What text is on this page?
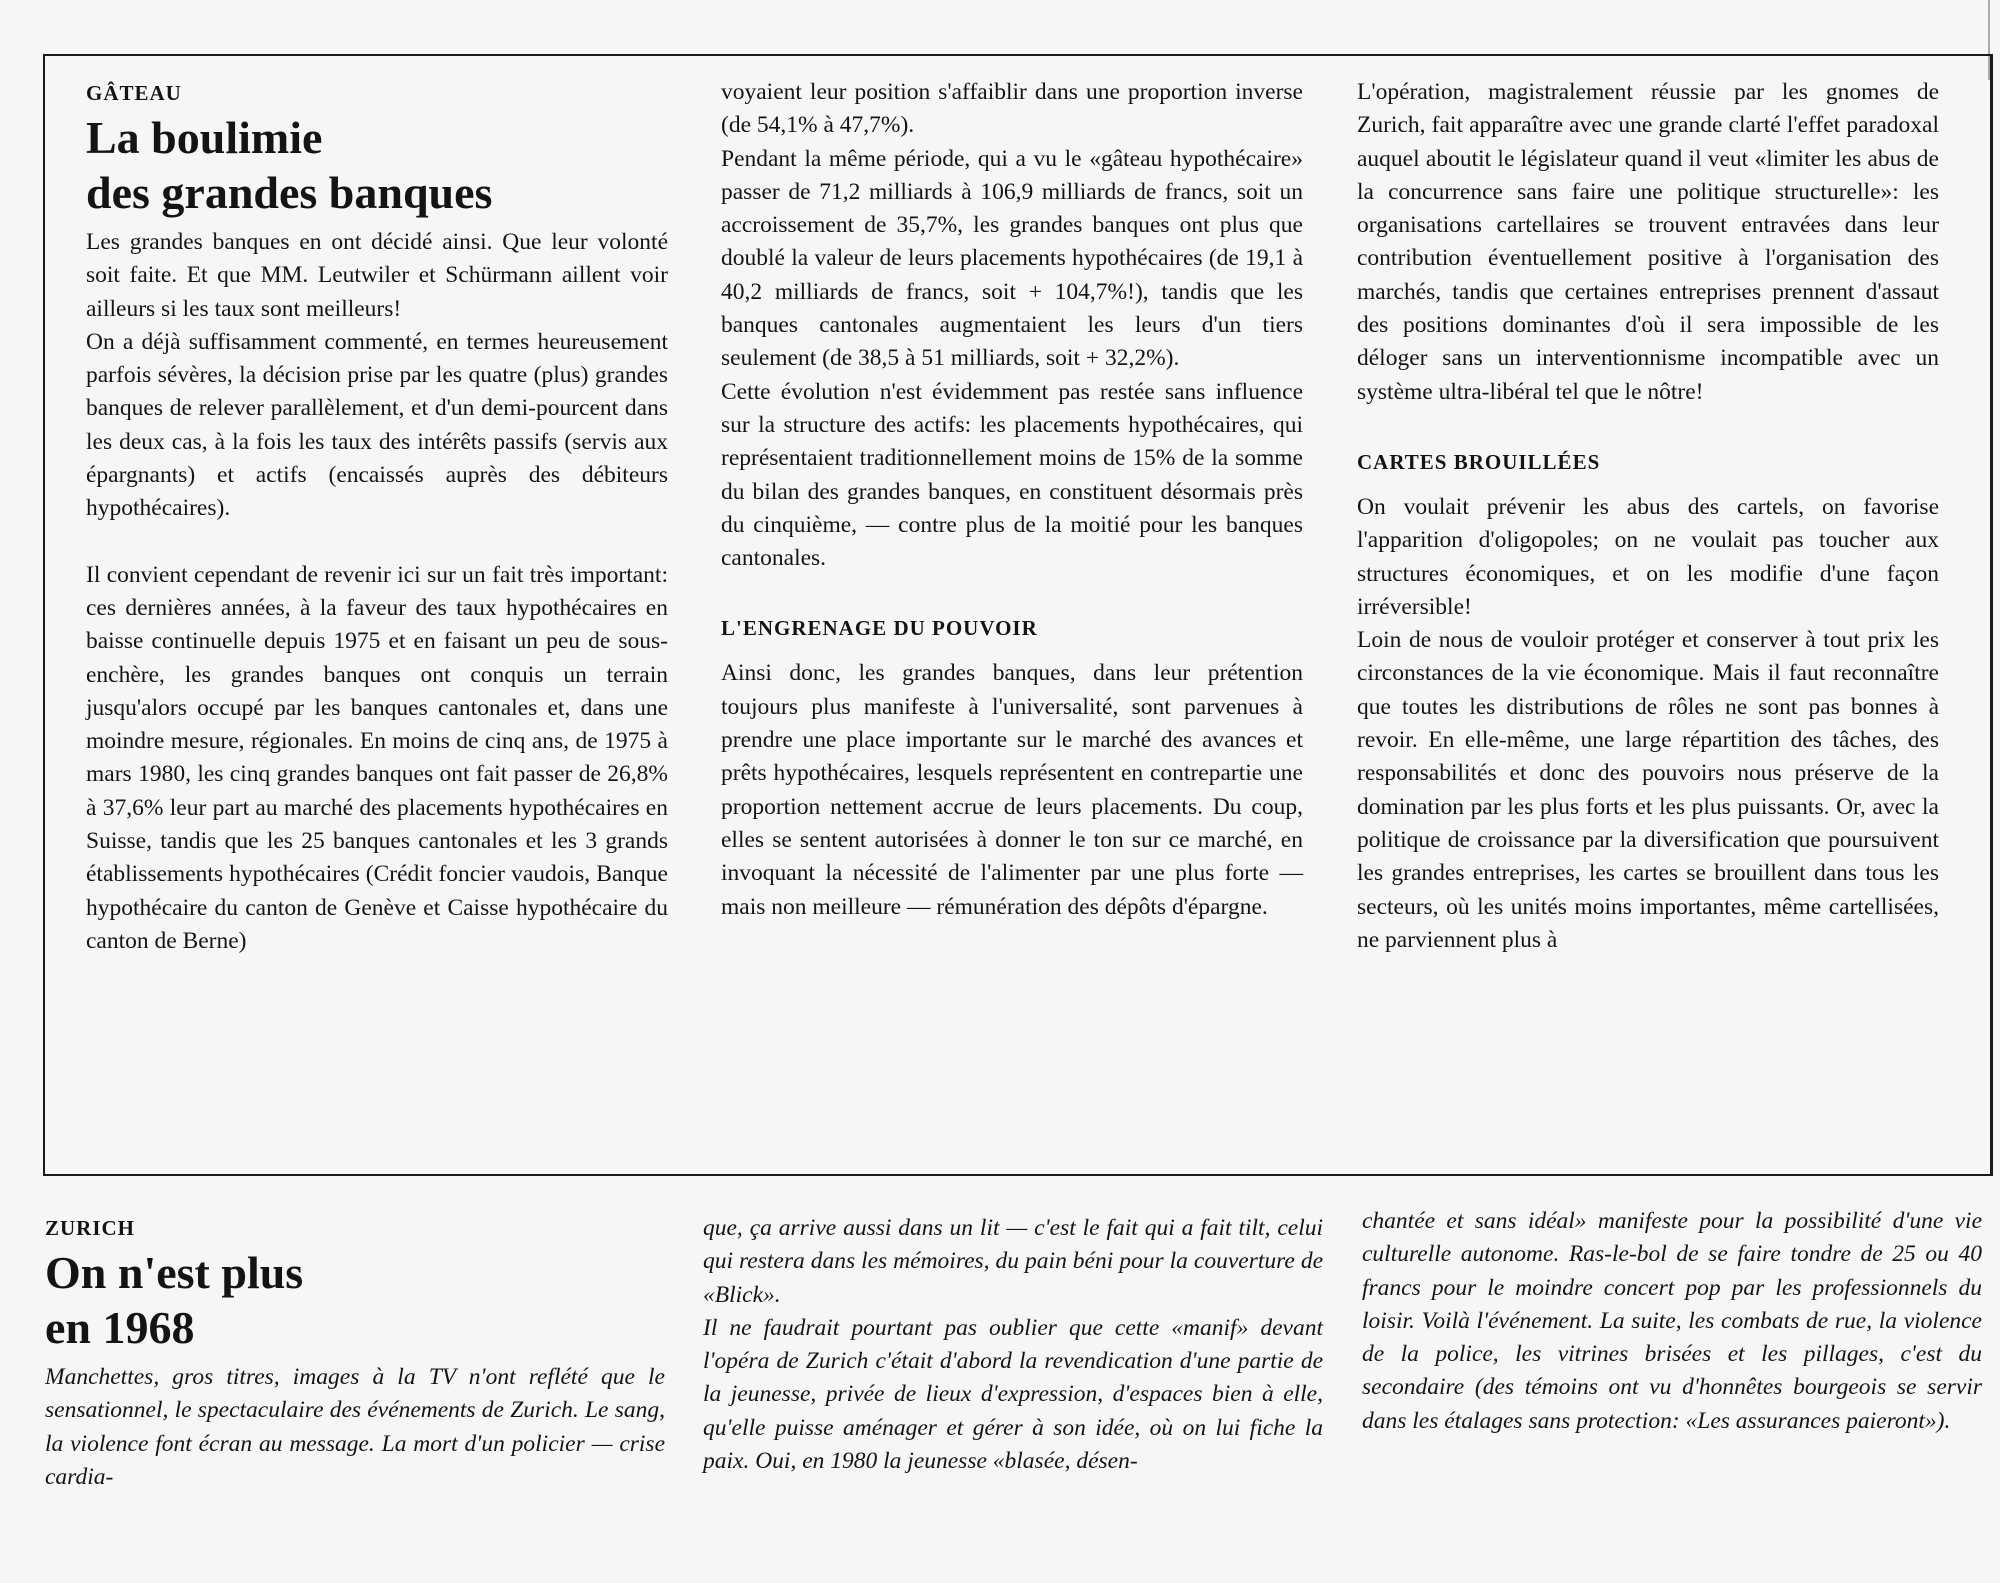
GÂTEAU
La boulimie
des grandes banques

Les grandes banques en ont décidé ainsi. Que leur volonté soit faite. Et que MM. Leutwiler et Schürmann aillent voir ailleurs si les taux sont meilleurs!

On a déjà suffisamment commenté, en termes heureusement parfois sévères, la décision prise par les quatre (plus) grandes banques de relever parallèlement, et d'un demi-pourcent dans les deux cas, à la fois les taux des intérêts passifs (servis aux épargnants) et actifs (encaissés auprès des débiteurs hypothécaires).

Il convient cependant de revenir ici sur un fait très important: ces dernières années, à la faveur des taux hypothécaires en baisse continuelle depuis 1975 et en faisant un peu de sous-enchère, les grandes banques ont conquis un terrain jusqu'alors occupé par les banques cantonales et, dans une moindre mesure, régionales. En moins de cinq ans, de 1975 à mars 1980, les cinq grandes banques ont fait passer de 26,8% à 37,6% leur part au marché des placements hypothécaires en Suisse, tandis que les 25 banques cantonales et les 3 grands établissements hypothécaires (Crédit foncier vaudois, Banque hypothécaire du canton de Genève et Caisse hypothécaire du canton de Berne)

voyaient leur position s'affaiblir dans une proportion inverse (de 54,1% à 47,7%).

Pendant la même période, qui a vu le «gâteau hypothécaire» passer de 71,2 milliards à 106,9 milliards de francs, soit un accroissement de 35,7%, les grandes banques ont plus que doublé la valeur de leurs placements hypothécaires (de 19,1 à 40,2 milliards de francs, soit + 104,7%!), tandis que les banques cantonales augmentaient les leurs d'un tiers seulement (de 38,5 à 51 milliards, soit + 32,2%).

Cette évolution n'est évidemment pas restée sans influence sur la structure des actifs: les placements hypothécaires, qui représentaient traditionnellement moins de 15% de la somme du bilan des grandes banques, en constituent désormais près du cinquième, — contre plus de la moitié pour les banques cantonales.

L'ENGRENAGE DU POUVOIR

Ainsi donc, les grandes banques, dans leur prétention toujours plus manifeste à l'universalité, sont parvenues à prendre une place importante sur le marché des avances et prêts hypothécaires, lesquels représentent en contrepartie une proportion nettement accrue de leurs placements. Du coup, elles se sentent autorisées à donner le ton sur ce marché, en invoquant la nécessité de l'alimenter par une plus forte — mais non meilleure — rémunération des dépôts d'épargne.

L'opération, magistralement réussie par les gnomes de Zurich, fait apparaître avec une grande clarté l'effet paradoxal auquel aboutit le législateur quand il veut «limiter les abus de la concurrence sans faire une politique structurelle»: les organisations cartellaires se trouvent entravées dans leur contribution éventuellement positive à l'organisation des marchés, tandis que certaines entreprises prennent d'assaut des positions dominantes d'où il sera impossible de les déloger sans un interventionnisme incompatible avec un système ultra-libéral tel que le nôtre!

CARTES BROUILLÉES

On voulait prévenir les abus des cartels, on favorise l'apparition d'oligopoles; on ne voulait pas toucher aux structures économiques, et on les modifie d'une façon irréversible!

Loin de nous de vouloir protéger et conserver à tout prix les circonstances de la vie économique. Mais il faut reconnaître que toutes les distributions de rôles ne sont pas bonnes à revoir. En elle-même, une large répartition des tâches, des responsabilités et donc des pouvoirs nous préserve de la domination par les plus forts et les plus puissants. Or, avec la politique de croissance par la diversification que poursuivent les grandes entreprises, les cartes se brouillent dans tous les secteurs, où les unités moins importantes, même cartellisées, ne parviennent plus à

ZURICH
On n'est plus
en 1968

Manchettes, gros titres, images à la TV n'ont reflété que le sensationnel, le spectaculaire des événements de Zurich. Le sang, la violence font écran au message. La mort d'un policier — crise cardia-

que, ça arrive aussi dans un lit — c'est le fait qui a fait tilt, celui qui restera dans les mémoires, du pain béni pour la couverture de «Blick».

Il ne faudrait pourtant pas oublier que cette «manif» devant l'opéra de Zurich c'était d'abord la revendication d'une partie de la jeunesse, privée de lieux d'expression, d'espaces bien à elle, qu'elle puisse aménager et gérer à son idée, où on lui fiche la paix. Oui, en 1980 la jeunesse «blasée, désen-

chantée et sans idéal» manifeste pour la possibilité d'une vie culturelle autonome. Ras-le-bol de se faire tondre de 25 ou 40 francs pour le moindre concert pop par les professionnels du loisir. Voilà l'événement. La suite, les combats de rue, la violence de la police, les vitrines brisées et les pillages, c'est du secondaire (des témoins ont vu d'honnêtes bourgeois se servir dans les étalages sans protection: «Les assurances paieront»).
